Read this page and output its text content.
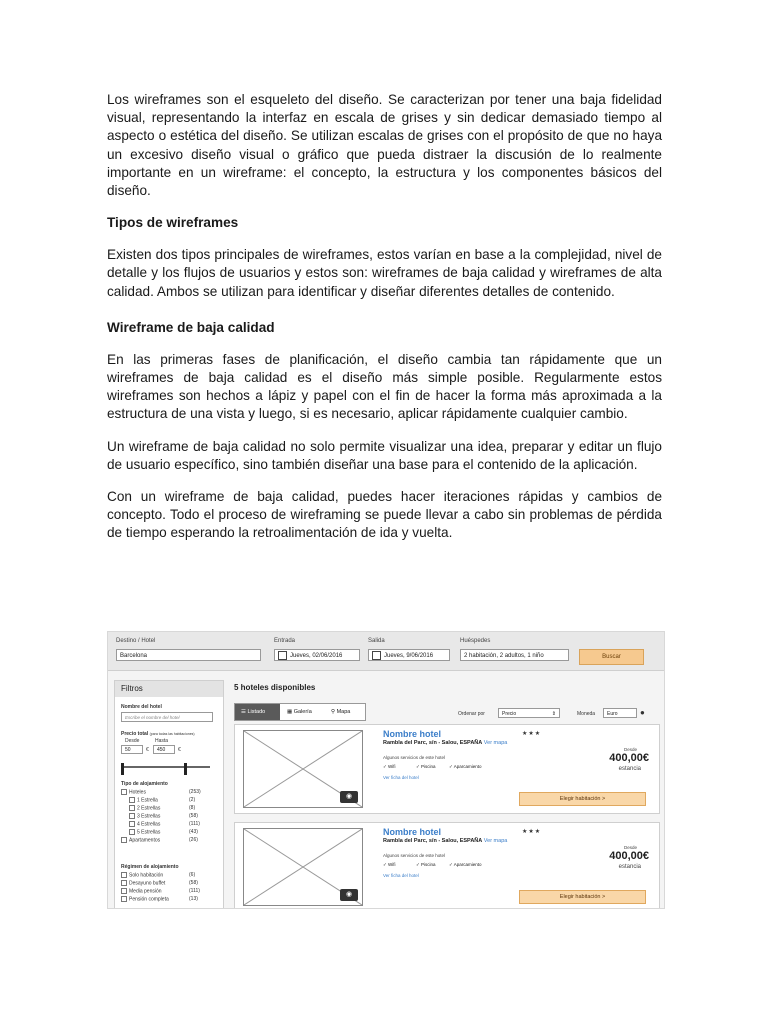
Los wireframes son el esqueleto del diseño. Se caracterizan por tener una baja fidelidad visual, representando la interfaz en escala de grises y sin dedicar demasiado tiempo al aspecto o estética del diseño. Se utilizan escalas de grises con el propósito de que no haya un excesivo diseño visual o gráfico que pueda distraer la discusión de lo realmente importante en un wireframe: el concepto, la estructura y los componentes básicos del diseño.

Tipos de wireframes

Existen dos tipos principales de wireframes, estos varían en base a la complejidad, nivel de detalle y los flujos de usuarios y estos son: wireframes de baja calidad y wireframes de alta calidad. Ambos se utilizan para identificar y diseñar diferentes detalles de contenido.

Wireframe de baja calidad

En las primeras fases de planificación, el diseño cambia tan rápidamente que un wireframes de baja calidad es el diseño más simple posible. Regularmente estos wireframes son hechos a lápiz y papel con el fin de hacer la forma más aproximada a la estructura de una vista y luego, si es necesario, aplicar rápidamente cualquier cambio.

Un wireframe de baja calidad no solo permite visualizar una idea, preparar y editar un flujo de usuario específico, sino también diseñar una base para el contenido de la aplicación.

Con un wireframe de baja calidad, puedes hacer iteraciones rápidas y cambios de concepto. Todo el proceso de wireframing se puede llevar a cabo sin problemas de pérdida de tiempo esperando la retroalimentación de ida y vuelta.

Destino / Hotel
Barcelona
Entrada
Jueves, 02/06/2016
Salida
Jueves, 9/06/2016
Huéspedes
2 habitación, 2 adultos, 1 niño	Buscar
Filtros
Nombre del hotel
Escribe el nombre del hotel
Precio total (para todas las habitaciones)
Desde	Hasta
50	€	450	€
Tipo de alojamiento
Hoteles	(253)
1 Estrella	(2)
2 Estrellas	(8)
3 Estrellas	(58)
4 Estrellas	(111)
5 Estrellas	(43)
Apartamentos	(26)
Régimen de alojamiento
Solo habitación	(6)
Desayuno buffet	(58)
Media pensión	(111)
Pensión completa	(13)
5 hoteles disponibles
☰ Listado	▦ Galería	⚲ Mapa	Ordenar por	Precio	⇕	Moneda	Euro	●
◉
Nombre hotel	★★★
Rambla del Parc, s/n - Salou, ESPAÑA Ver mapa
Algunos servicios de este hotel
✓ Wifi	✓ Piscina	✓ Aparcamiento
Ver ficha del hotel
Desde
400,00€
estancia
Elegir habitación >
◉
Nombre hotel	★★★
Rambla del Parc, s/n - Salou, ESPAÑA Ver mapa
Algunos servicios de este hotel
✓ Wifi	✓ Piscina	✓ Aparcamiento
Ver ficha del hotel
Desde
400,00€
estancia
Elegir habitación >
